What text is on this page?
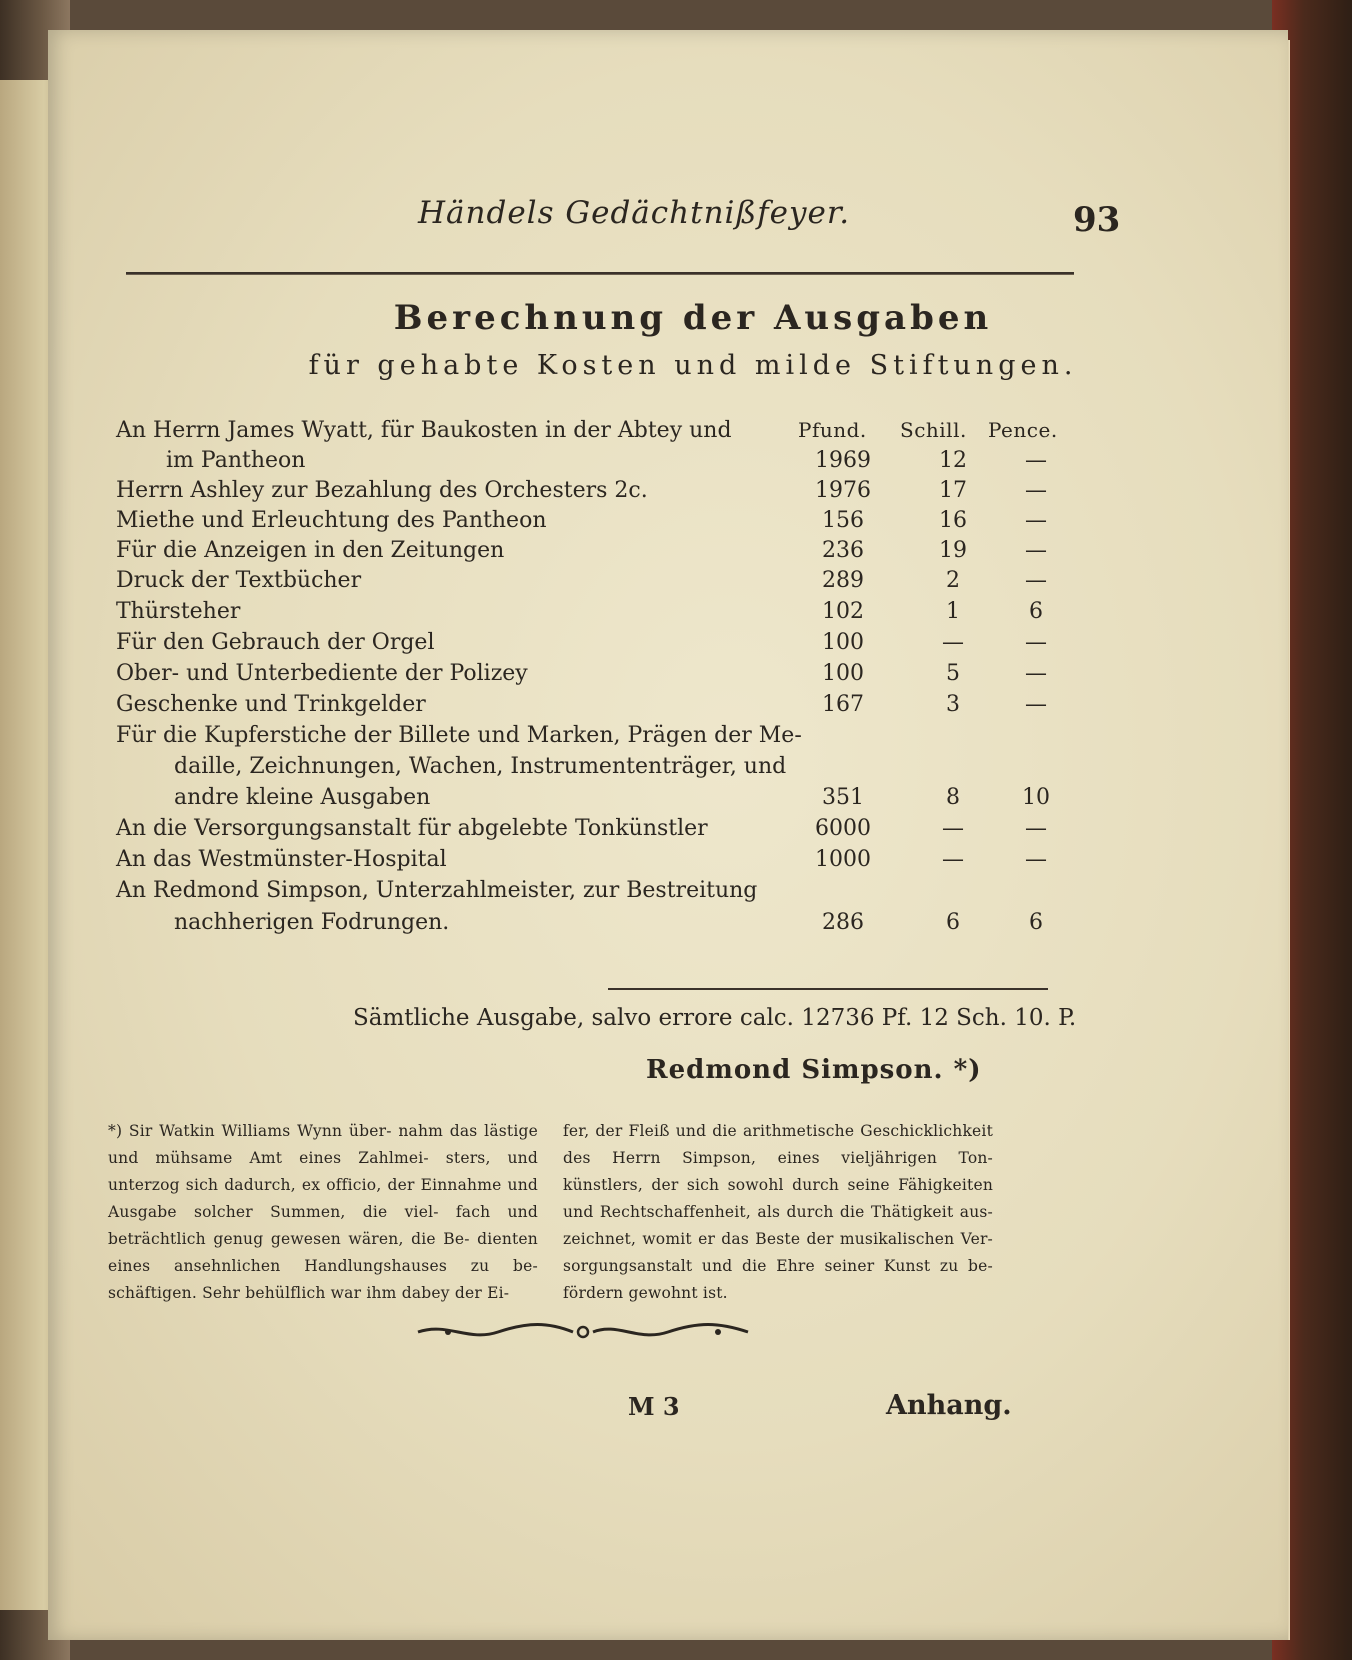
Händels Gedächtnißfeyer.	93
Berechnung der Ausgaben
für gehabte Kosten und milde Stiftungen.
Pfund. Schill. Pence.
An Herrn James Wyatt, für Baukosten in der Abtey und
im Pantheon	1969	12	—
Herrn Ashley zur Bezahlung des Orchesters 2c.	1976	17	—
Miethe und Erleuchtung des Pantheon	156	16	—
Für die Anzeigen in den Zeitungen	236	19	—
Druck der Textbücher	289	2	—
Thürsteher	102	1	6
Für den Gebrauch der Orgel	100	—	—
Ober- und Unterbediente der Polizey	100	5	—
Geschenke und Trinkgelder	167	3	—
Für die Kupferstiche der Billete und Marken, Prägen der Me-
daille, Zeichnungen, Wachen, Instrumententräger, und
andre kleine Ausgaben	351	8	10
An die Versorgungsanstalt für abgelebte Tonkünstler	6000	—	—
An das Westmünster-Hospital	1000	—	—
An Redmond Simpson, Unterzahlmeister, zur Bestreitung
nachherigen Fodrungen.	286	6	6
Sämtliche Ausgabe, salvo errore calc. 12736 Pf. 12 Sch. 10. P.
Redmond Simpson. *)
*) Sir Watkin Williams Wynn über- nahm das lästige und mühsame Amt eines Zahlmei- sters, und unterzog sich dadurch, ex officio, der Einnahme und Ausgabe solcher Summen, die viel- fach und beträchtlich genug gewesen wären, die Be- dienten eines ansehnlichen Handlungshauses zu be- schäftigen. Sehr behülflich war ihm dabey der Ei-
fer, der Fleiß und die arithmetische Geschicklichkeit des Herrn Simpson, eines vieljährigen Ton- künstlers, der sich sowohl durch seine Fähigkeiten und Rechtschaffenheit, als durch die Thätigkeit aus- zeichnet, womit er das Beste der musikalischen Ver- sorgungsanstalt und die Ehre seiner Kunst zu be- fördern gewohnt ist.
M 3	Anhang.
